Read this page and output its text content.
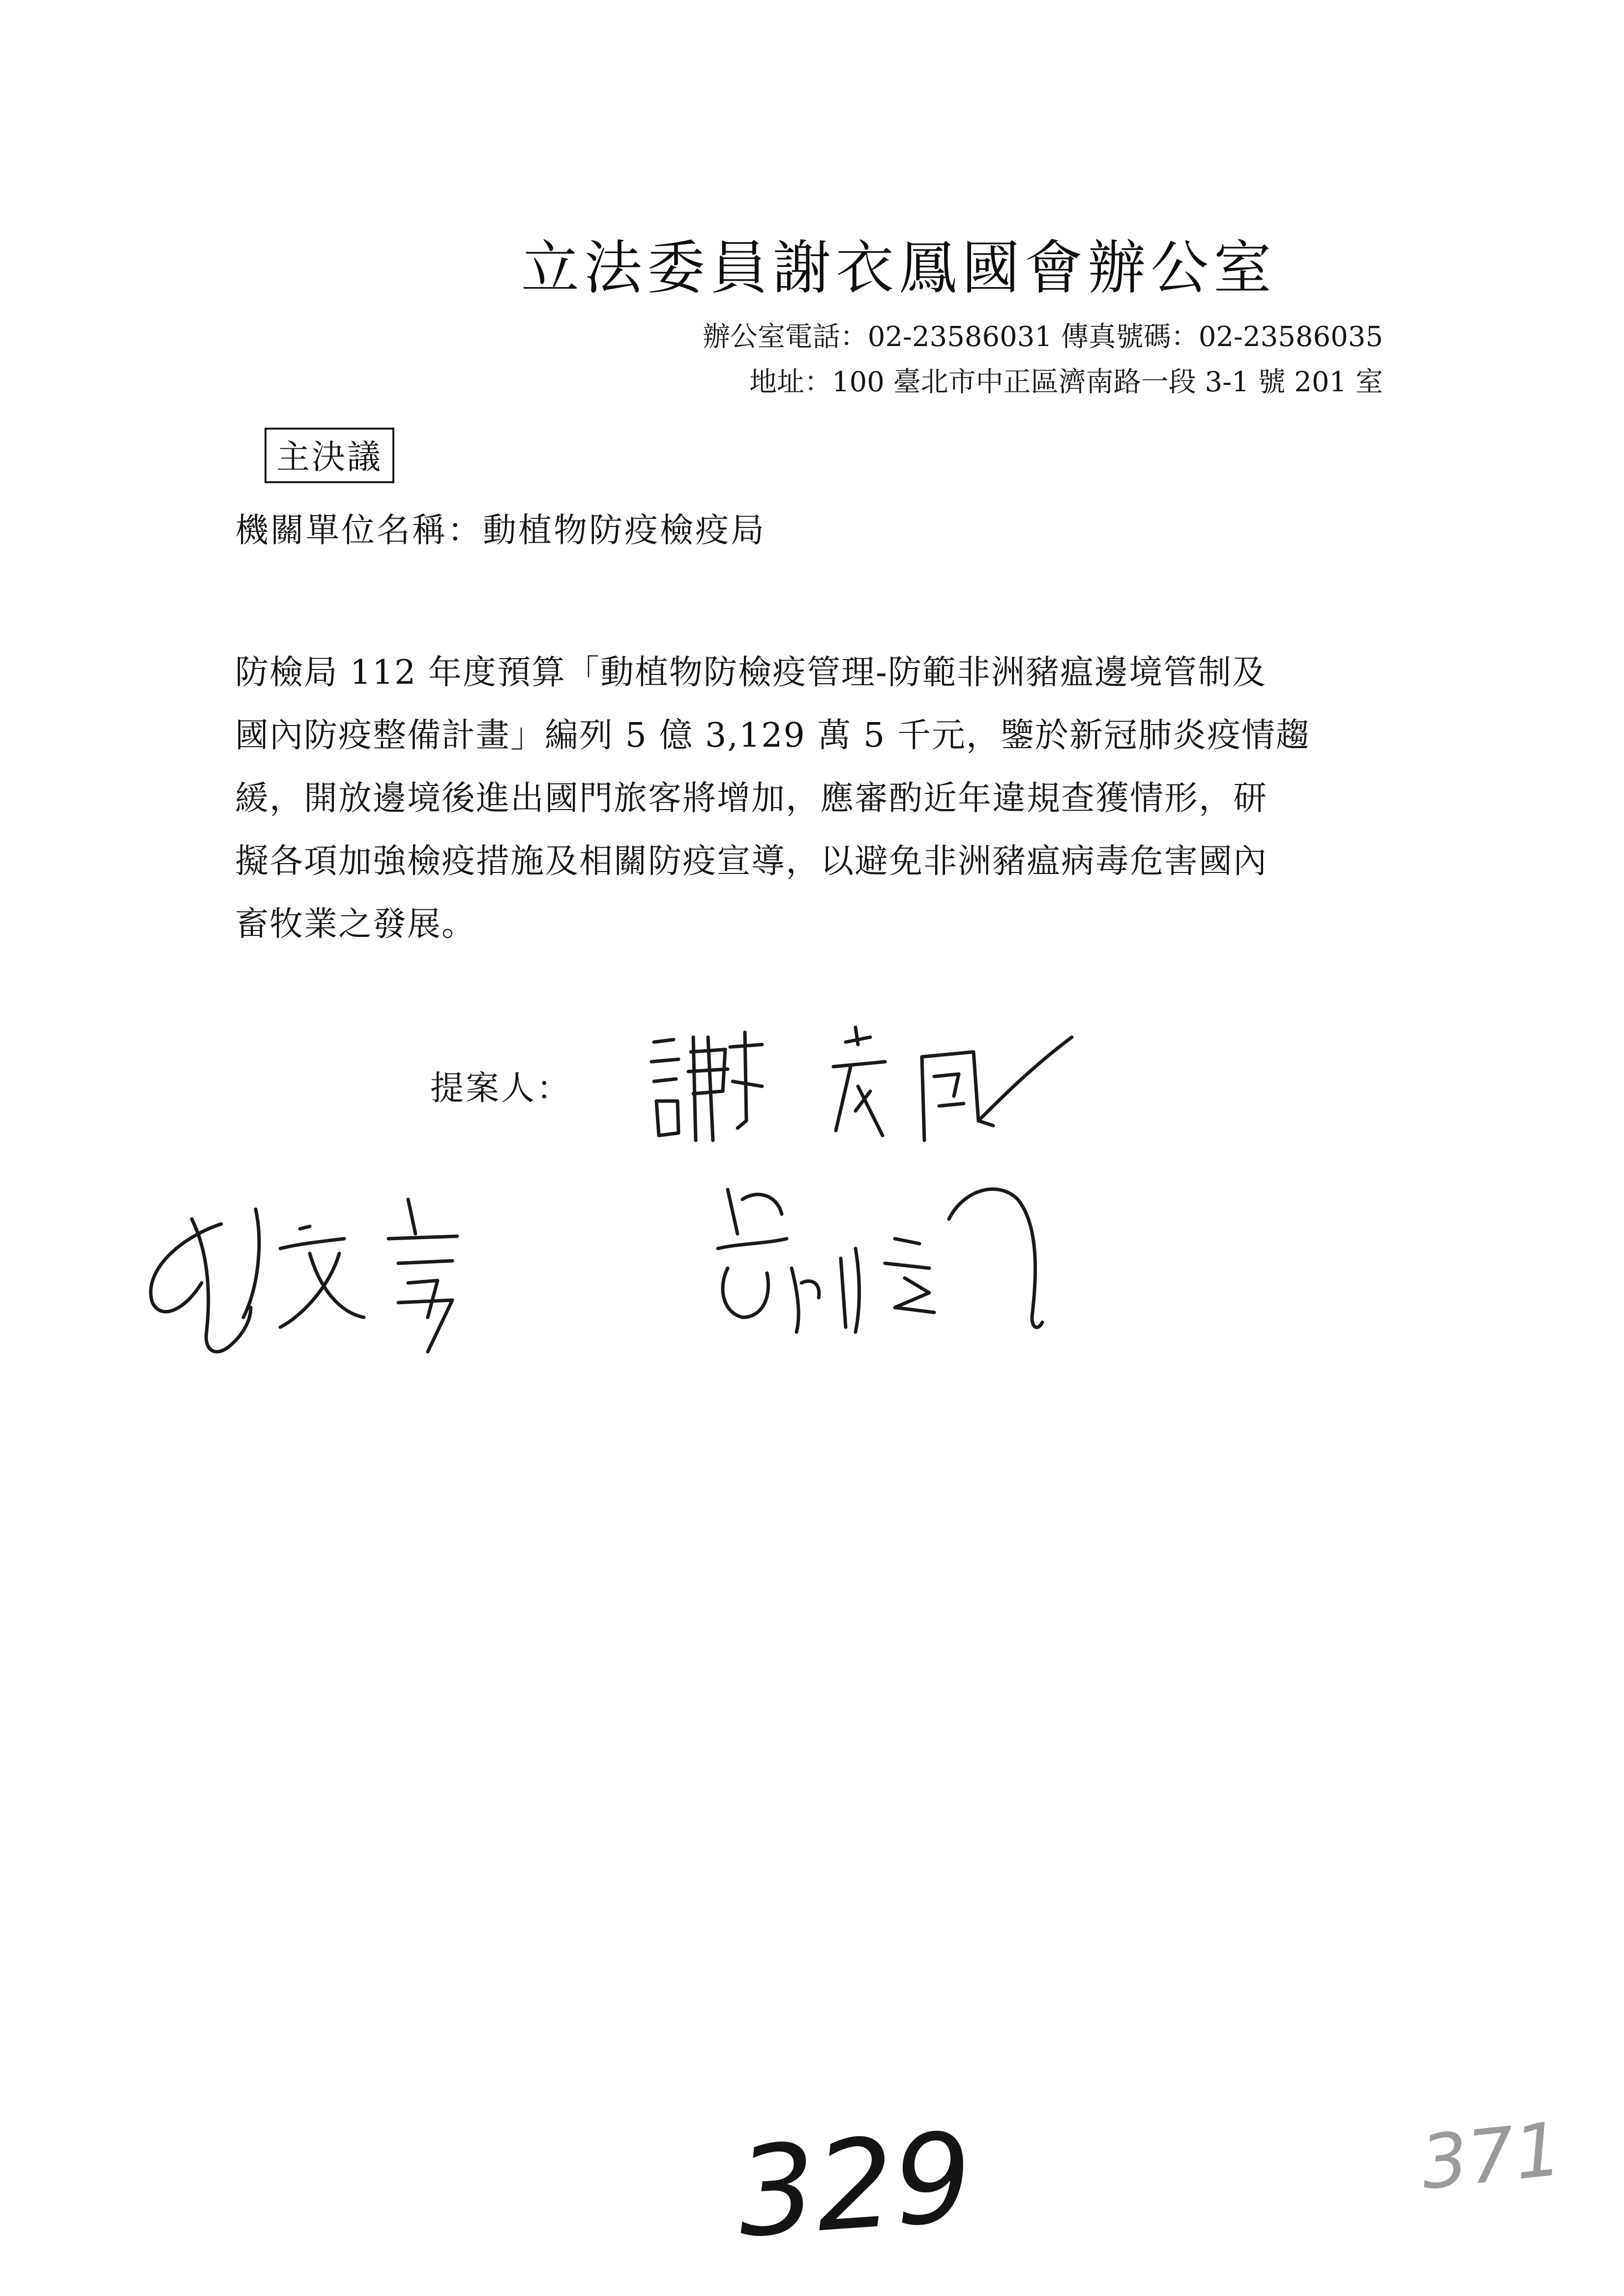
立法委員謝衣鳳國會辦公室
辦公室電話：02-23586031 傳真號碼：02-23586035
地址：100 臺北市中正區濟南路一段 3-1 號 201 室
主決議
機關單位名稱：動植物防疫檢疫局
防檢局 112 年度預算「動植物防檢疫管理-防範非洲豬瘟邊境管制及
國內防疫整備計畫」編列 5 億 3,129 萬 5 千元，鑒於新冠肺炎疫情趨
緩，開放邊境後進出國門旅客將增加，應審酌近年違規查獲情形，研
擬各項加強檢疫措施及相關防疫宣導，以避免非洲豬瘟病毒危害國內
畜牧業之發展。
提案人：
329	371
